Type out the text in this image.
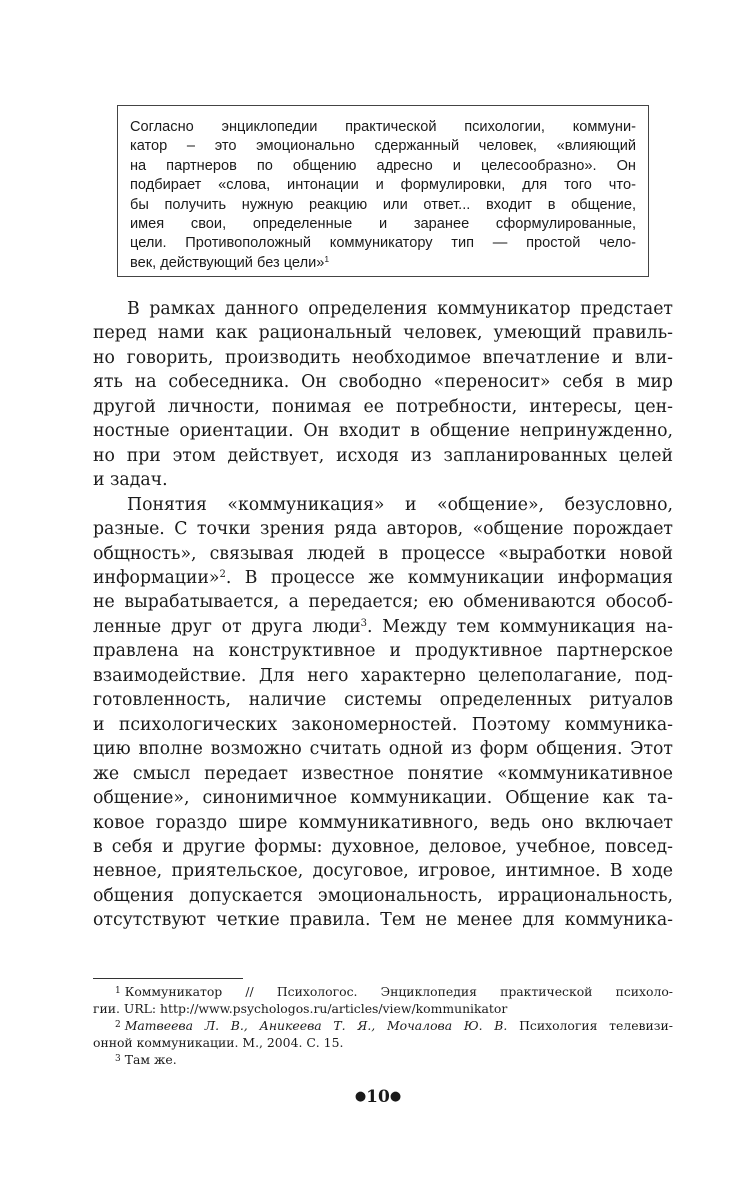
Согласно энциклопедии практической психологии, коммуни-
катор – это эмоционально сдержанный человек, «влияющий
на партнеров по общению адресно и целесообразно». Он
подбирает «слова, интонации и формулировки, для того чтo-
бы получить нужную реакцию или ответ... входит в общение,
имея свои, определенные и заранее сформулированные,
цели. Противоположный коммуникатору тип — простой чело-
век, действующий без цели»$^1$
В рамках данного определения коммуникатор предстает
перед нами как рациональный человек, умеющий правиль-
но говорить, производить необходимое впечатление и вли-
ять на собеседника. Он свободно «переносит» себя в мир
другой личности, понимая ее потребности, интересы, цен-
ностные ориентации. Он входит в общение непринужденно,
но при этом действует, исходя из запланированных целей
и задач.
Понятия «коммуникация» и «общение», безусловно,
разные. С точки зрения ряда авторов, «общение порождает
общность», связывая людей в процессе «выработки новой
информации»$^2$. В процессе же коммуникации информация
не вырабатывается, а передается; ею обмениваются обособ-
ленные друг от друга люди$^3$. Между тем коммуникация на-
правлена на конструктивное и продуктивное партнерское
взаимодействие. Для него характерно целеполагание, под-
готовленность, наличие системы определенных ритуалов
и психологических закономерностей. Поэтому коммуника-
цию вполне возможно считать одной из форм общения. Этот
же смысл передает известное понятие «коммуникативное
общение», синонимичное коммуникации. Общение как та-
ковое гораздо шире коммуникативного, ведь оно включает
в себя и другие формы: духовное, деловое, учебное, повсед-
невное, приятельское, досуговое, игровое, интимное. В ходе
общения допускается эмоциональность, иррациональность,
отсутствуют четкие правила. Тем не менее для коммуника-
$^1$ Коммуникатор // Психологос. Энциклопедия практической психоло-
гии. URL: http://www.psychologos.ru/articles/view/kommunikator
$^2$ Матвеева Л. В., Аникеева Т. Я., Мочалова Ю. В. Психология телевизи-
онной коммуникации. М., 2004. С. 15.
$^3$ Там же.
●10●
